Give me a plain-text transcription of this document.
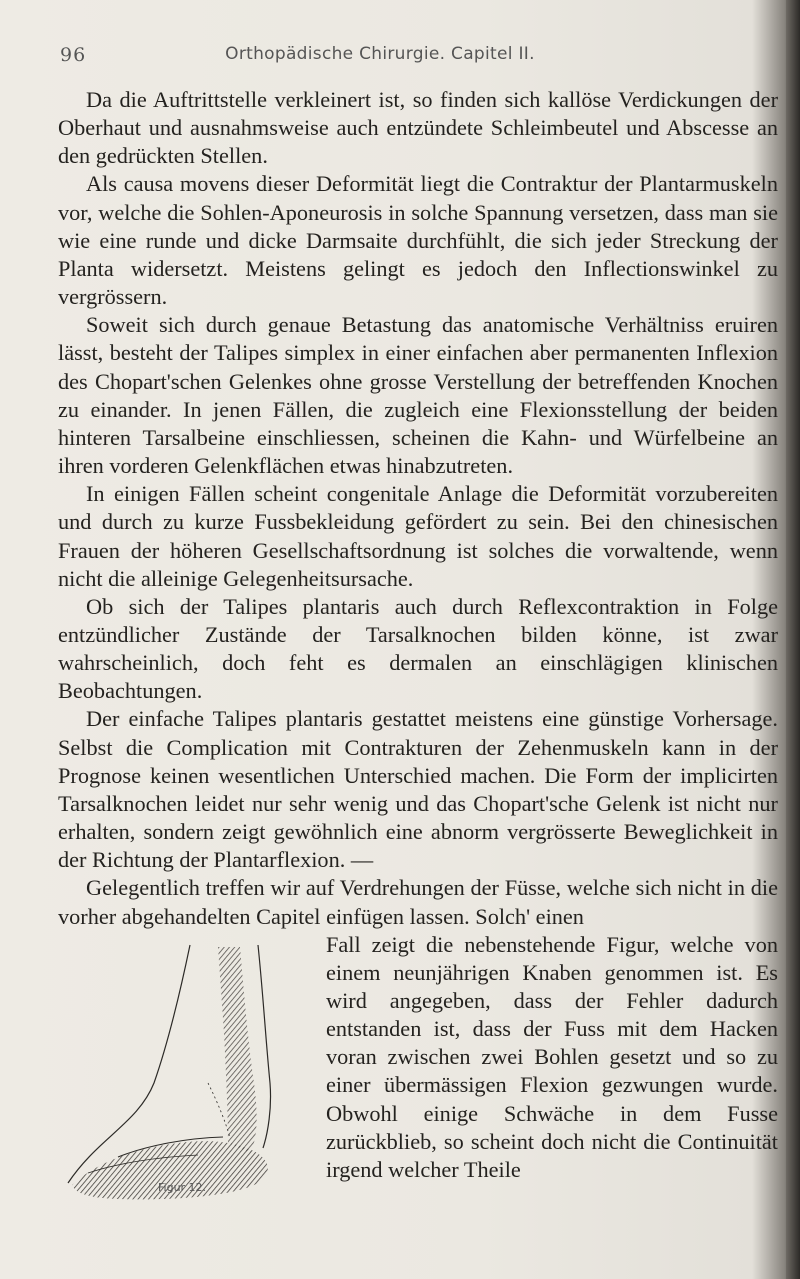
96	Orthopädische Chirurgie. Capitel II.

Da die Auftrittstelle verkleinert ist, so finden sich kallöse Verdickungen der Oberhaut und ausnahmsweise auch entzündete Schleimbeutel und Abscesse an den gedrückten Stellen.

Als causa movens dieser Deformität liegt die Contraktur der Plantarmuskeln vor, welche die Sohlen-Aponeurosis in solche Spannung versetzen, dass man sie wie eine runde und dicke Darmsaite durchfühlt, die sich jeder Streckung der Planta widersetzt. Meistens gelingt es jedoch den Inflectionswinkel zu vergrössern.

Soweit sich durch genaue Betastung das anatomische Verhältniss eruiren lässt, besteht der Talipes simplex in einer einfachen aber permanenten Inflexion des Chopart'schen Gelenkes ohne grosse Verstellung der betreffenden Knochen zu einander. In jenen Fällen, die zugleich eine Flexionsstellung der beiden hinteren Tarsalbeine einschliessen, scheinen die Kahn- und Würfelbeine an ihren vorderen Gelenkflächen etwas hinabzutreten.

In einigen Fällen scheint congenitale Anlage die Deformität vorzubereiten und durch zu kurze Fussbekleidung gefördert zu sein. Bei den chinesischen Frauen der höheren Gesellschaftsordnung ist solches die vorwaltende, wenn nicht die alleinige Gelegenheitsursache.

Ob sich der Talipes plantaris auch durch Reflexcontraktion in Folge entzündlicher Zustände der Tarsalknochen bilden könne, ist zwar wahrscheinlich, doch feht es dermalen an einschlägigen klinischen Beobachtungen.

Der einfache Talipes plantaris gestattet meistens eine günstige Vorhersage. Selbst die Complication mit Contrakturen der Zehenmuskeln kann in der Prognose keinen wesentlichen Unterschied machen. Die Form der implicirten Tarsalknochen leidet nur sehr wenig und das Chopart'sche Gelenk ist nicht nur erhalten, sondern zeigt gewöhnlich eine abnorm vergrösserte Beweglichkeit in der Richtung der Plantarflexion. —

Gelegentlich treffen wir auf Verdrehungen der Füsse, welche sich nicht in die vorher abgehandelten Capitel einfügen lassen. Solch' einen

Figur 12.

Fall zeigt die nebenstehende Figur, welche von einem neunjährigen Knaben genommen ist. Es wird angegeben, dass der Fehler dadurch entstanden ist, dass der Fuss mit dem Hacken voran zwischen zwei Bohlen gesetzt und so zu einer übermässigen Flexion gezwungen wurde. Obwohl einige Schwäche in dem Fusse zurückblieb, so scheint doch nicht die Continuität irgend welcher Theile
